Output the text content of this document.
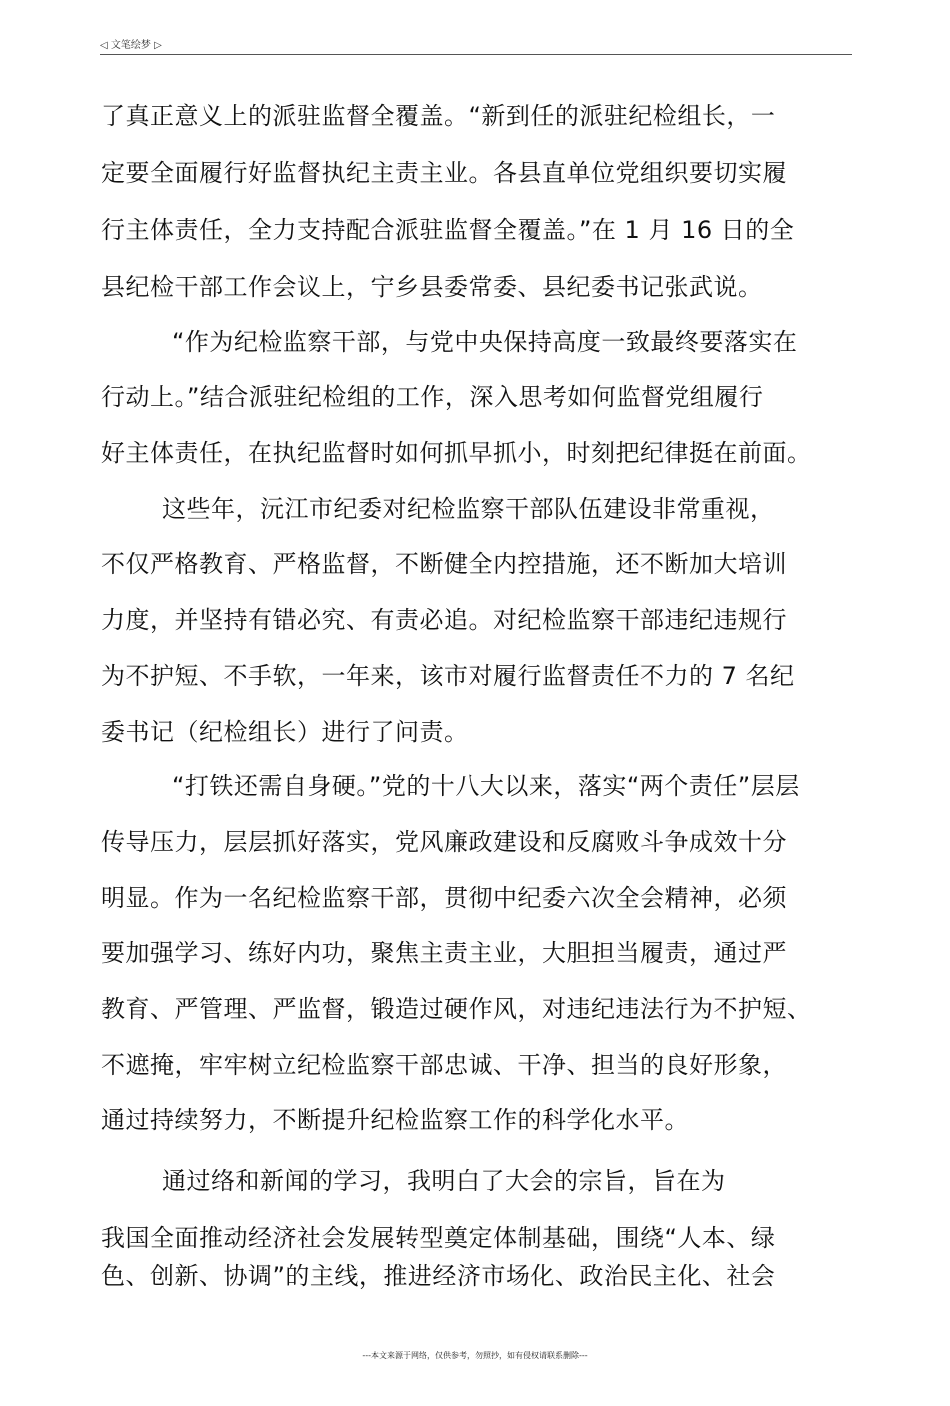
◁ 文笔绘梦 ▷
了真正意义上的派驻监督全覆盖。“新到任的派驻纪检组长，一
定要全面履行好监督执纪主责主业。各县直单位党组织要切实履
行主体责任，全力支持配合派驻监督全覆盖。”在 1 月 16 日的全
县纪检干部工作会议上，宁乡县委常委、县纪委书记张武说。
“作为纪检监察干部，与党中央保持高度一致最终要落实在
行动上。”结合派驻纪检组的工作，深入思考如何监督党组履行
好主体责任，在执纪监督时如何抓早抓小，时刻把纪律挺在前面。
这些年，沅江市纪委对纪检监察干部队伍建设非常重视，
不仅严格教育、严格监督，不断健全内控措施，还不断加大培训
力度，并坚持有错必究、有责必追。对纪检监察干部违纪违规行
为不护短、不手软，一年来，该市对履行监督责任不力的 7 名纪
委书记（纪检组长）进行了问责。
“打铁还需自身硬。”党的十八大以来，落实“两个责任”层层
传导压力，层层抓好落实，党风廉政建设和反腐败斗争成效十分
明显。作为一名纪检监察干部，贯彻中纪委六次全会精神，必须
要加强学习、练好内功，聚焦主责主业，大胆担当履责，通过严
教育、严管理、严监督，锻造过硬作风，对违纪违法行为不护短、
不遮掩，牢牢树立纪检监察干部忠诚、干净、担当的良好形象，
通过持续努力，不断提升纪检监察工作的科学化水平。
通过络和新闻的学习，我明白了大会的宗旨，旨在为
我国全面推动经济社会发展转型奠定体制基础，围绕“人本、绿
色、创新、协调”的主线，推进经济市场化、政治民主化、社会
---本文来源于网络，仅供参考，勿照抄，如有侵权请联系删除---
